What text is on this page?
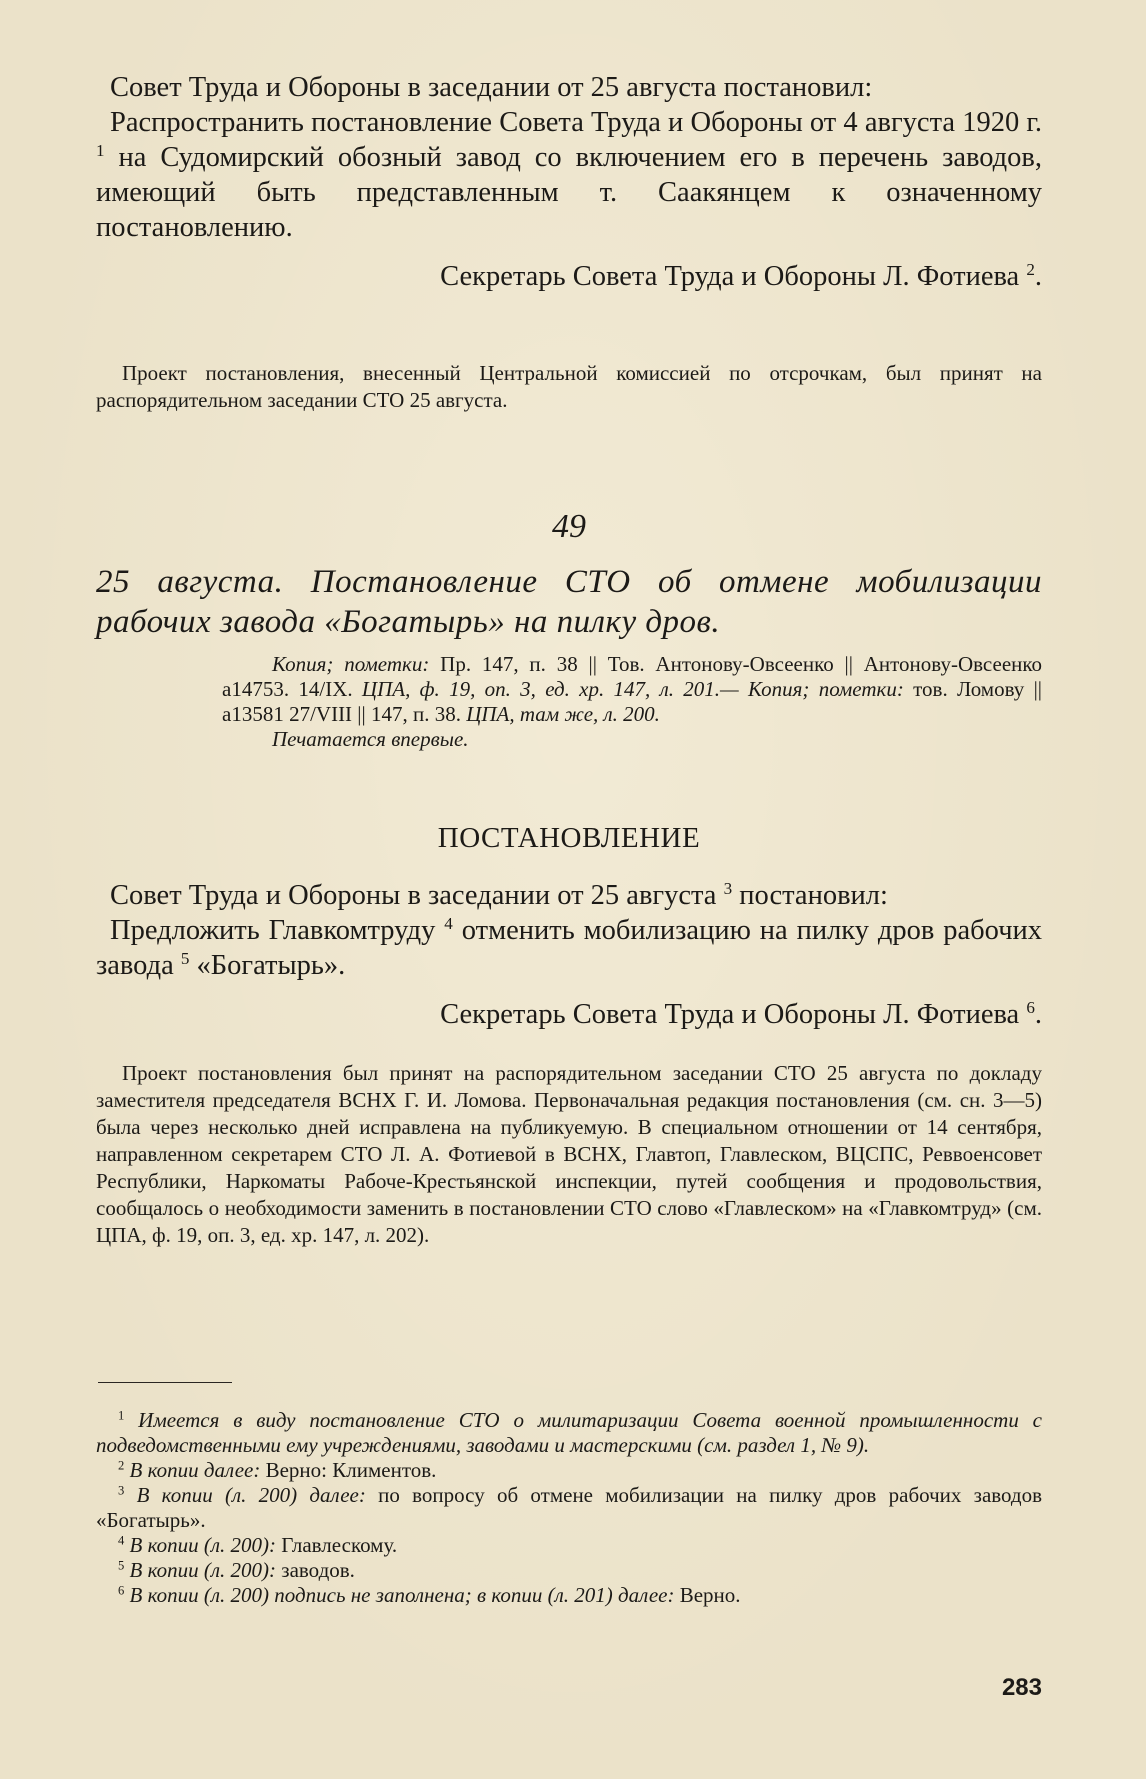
Совет Труда и Обороны в заседании от 25 августа постановил:

Распространить постановление Совета Труда и Обороны от 4 августа 1920 г. $^1$ на Судомирский обозный завод со включением его в перечень заводов, имеющий быть представленным т. Саакянцем к означенному постановлению.

Секретарь Совета Труда и Обороны Л. Фотиева $^2$.

Проект постановления, внесенный Центральной комиссией по отсрочкам, был принят на распорядительном заседании СТО 25 августа.

49

25 августа. Постановление СТО об отмене мобилизации рабочих завода «Богатырь» на пилку дров.

Копия; пометки: Пр. 147, п. 38 || Тов. Антонову-Овсеенко || Антонову-Овсеенко а14753. 14/IX. ЦПА, ф. 19, оп. 3, ед. хр. 147, л. 201.— Копия; пометки: тов. Ломову || а13581 27/VIII || 147, п. 38. ЦПА, там же, л. 200.

Печатается впервые.

ПОСТАНОВЛЕНИЕ

Совет Труда и Обороны в заседании от 25 августа $^3$ постановил:

Предложить Главкомтруду $^4$ отменить мобилизацию на пилку дров рабочих завода $^5$ «Богатырь».

Секретарь Совета Труда и Обороны Л. Фотиева $^6$.

Проект постановления был принят на распорядительном заседании СТО 25 августа по докладу заместителя председателя ВСНХ Г. И. Ломова. Первоначальная редакция постановления (см. сн. 3—5) была через несколько дней исправлена на публикуемую. В специальном отношении от 14 сентября, направленном секретарем СТО Л. А. Фотиевой в ВСНХ, Главтоп, Главлеском, ВЦСПС, Реввоенсовет Республики, Наркоматы Рабоче-Крестьянской инспекции, путей сообщения и продовольствия, сообщалось о необходимости заменить в постановлении СТО слово «Главлеском» на «Главкомтруд» (см. ЦПА, ф. 19, оп. 3, ед. хр. 147, л. 202).

$^1$ Имеется в виду постановление СТО о милитаризации Совета военной промышленности с подведомственными ему учреждениями, заводами и мастерскими (см. раздел 1, № 9).

$^2$ В копии далее: Верно: Климентов.

$^3$ В копии (л. 200) далее: по вопросу об отмене мобилизации на пилку дров рабочих заводов «Богатырь».

$^4$ В копии (л. 200): Главлескому.

$^5$ В копии (л. 200): заводов.

$^6$ В копии (л. 200) подпись не заполнена; в копии (л. 201) далее: Верно.

283
